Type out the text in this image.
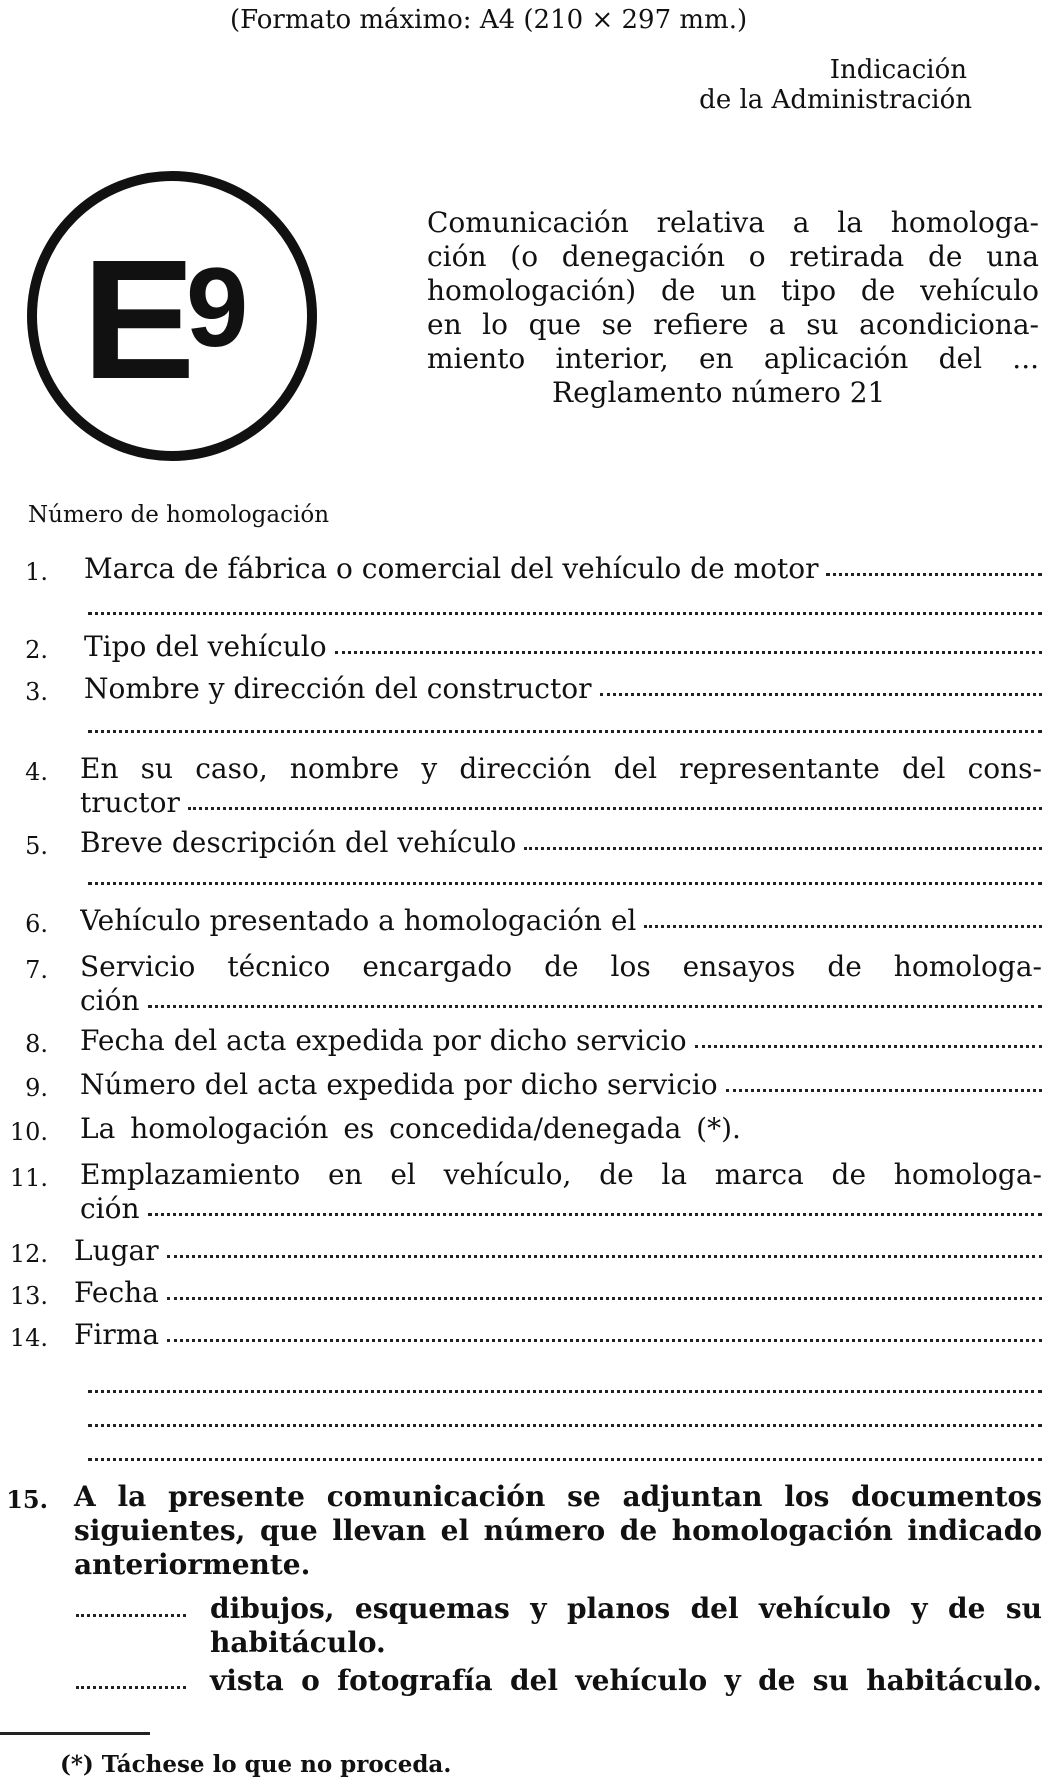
(Formato máximo: A4 (210 × 297 mm.)
Indicación
de la Administración
E
9
Comunicación relativa a la homologa-
ción (o denegación o retirada de una
homologación) de un tipo de vehículo
en lo que se refiere a su acondiciona-
miento interior, en aplicación del ...
Reglamento número 21
Número de homologación
1. Marca de fábrica o comercial del vehículo de motor
2. Tipo del vehículo
3. Nombre y dirección del constructor
4. En su caso, nombre y dirección del representante del cons-
tructor
5. Breve descripción del vehículo
6. Vehículo presentado a homologación el
7. Servicio técnico encargado de los ensayos de homologa-
ción
8. Fecha del acta expedida por dicho servicio
9. Número del acta expedida por dicho servicio
10. La homologación es concedida/denegada (*).
11. Emplazamiento en el vehículo, de la marca de homologa-
ción
12. Lugar
13. Fecha
14. Firma
15. A la presente comunicación se adjuntan los documentos
siguientes, que llevan el número de homologación indicado
anteriormente.
dibujos, esquemas y planos del vehículo y de su
habitáculo.
vista o fotografía del vehículo y de su habitáculo.
(*) Táchese lo que no proceda.
